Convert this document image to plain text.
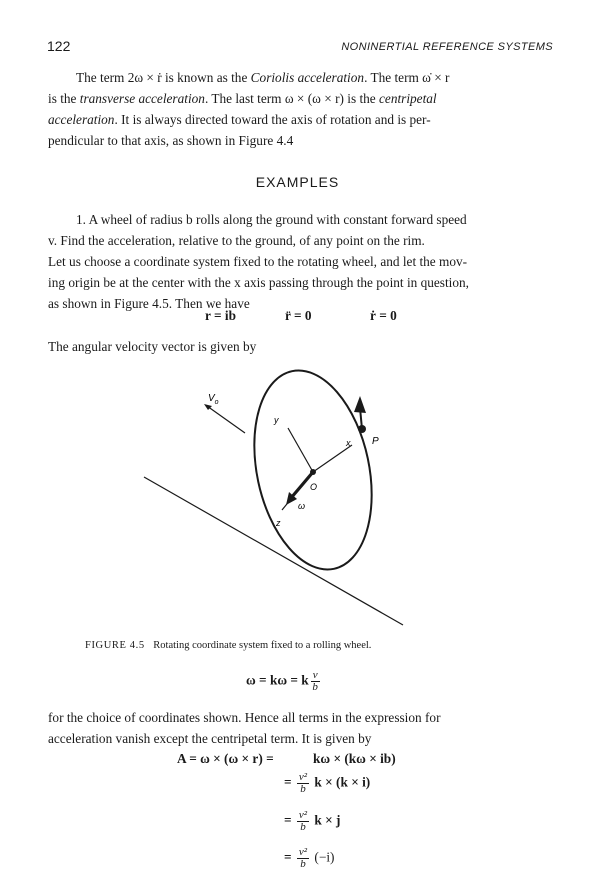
122	NONINERTIAL REFERENCE SYSTEMS

The term 2ω × ṙ is known as the Coriolis acceleration. The term ω̇ × r

is the transverse acceleration. The last term ω × (ω × r) is the centripetal

acceleration. It is always directed toward the axis of rotation and is per-

pendicular to that axis, as shown in Figure 4.4

EXAMPLES

1. A wheel of radius b rolls along the ground with constant forward speed

v. Find the acceleration, relative to the ground, of any point on the rim.

Let us choose a coordinate system fixed to the rotating wheel, and let the mov-

ing origin be at the center with the x axis passing through the point in question,

as shown in Figure 4.5. Then we have

r = ib	r̈ = 0	ṙ = 0
The angular velocity vector is given by
$V_o$
y
x P
O
ω
z
FIGURE 4.5 Rotating coordinate system fixed to a rolling wheel.
ω = kω = k $\frac{v}{b}$

for the choice of coordinates shown. Hence all terms in the expression for

acceleration vanish except the centripetal term. It is given by

A = ω × (ω × r) =	kω × (kω × ib)
= $\frac{\text{v²}}{b}$ k × (k × i)
= $\frac{\text{v²}}{b}$ k × j
= $\frac{\text{v²}}{b} (-i)$
